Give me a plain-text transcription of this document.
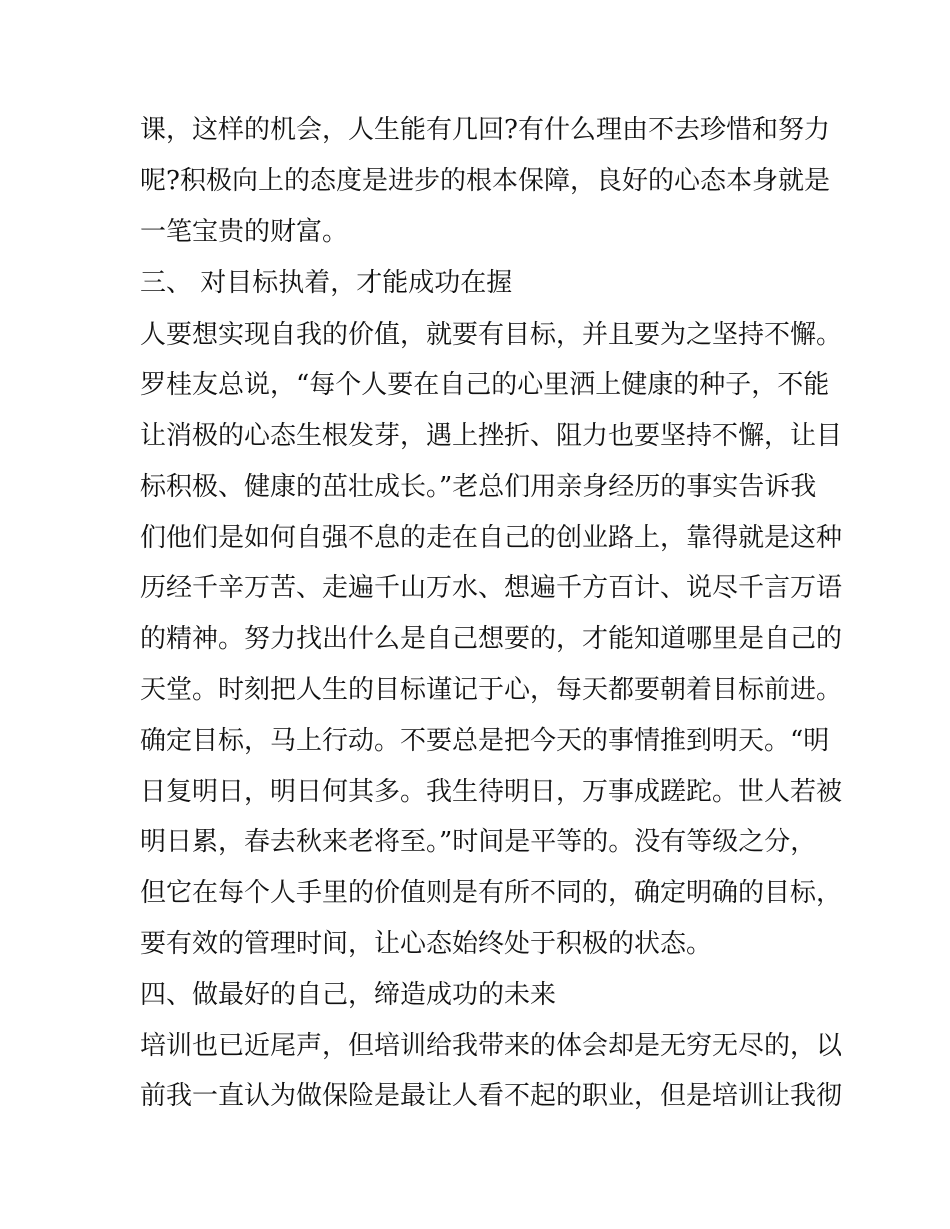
课，这样的机会，人生能有几回?有什么理由不去珍惜和努力
呢?积极向上的态度是进步的根本保障，良好的心态本身就是
一笔宝贵的财富。
三、 对目标执着，才能成功在握
人要想实现自我的价值，就要有目标，并且要为之坚持不懈。
罗桂友总说，“每个人要在自己的心里洒上健康的种子，不能
让消极的心态生根发芽，遇上挫折、阻力也要坚持不懈，让目
标积极、健康的茁壮成长。”老总们用亲身经历的事实告诉我
们他们是如何自强不息的走在自己的创业路上，靠得就是这种
历经千辛万苦、走遍千山万水、想遍千方百计、说尽千言万语
的精神。努力找出什么是自己想要的，才能知道哪里是自己的
天堂。时刻把人生的目标谨记于心，每天都要朝着目标前进。
确定目标，马上行动。不要总是把今天的事情推到明天。“明
日复明日，明日何其多。我生待明日，万事成蹉跎。世人若被
明日累，春去秋来老将至。”时间是平等的。没有等级之分，
但它在每个人手里的价值则是有所不同的，确定明确的目标，
要有效的管理时间，让心态始终处于积极的状态。
四、做最好的自己，缔造成功的未来
培训也已近尾声，但培训给我带来的体会却是无穷无尽的，以
前我一直认为做保险是最让人看不起的职业，但是培训让我彻
